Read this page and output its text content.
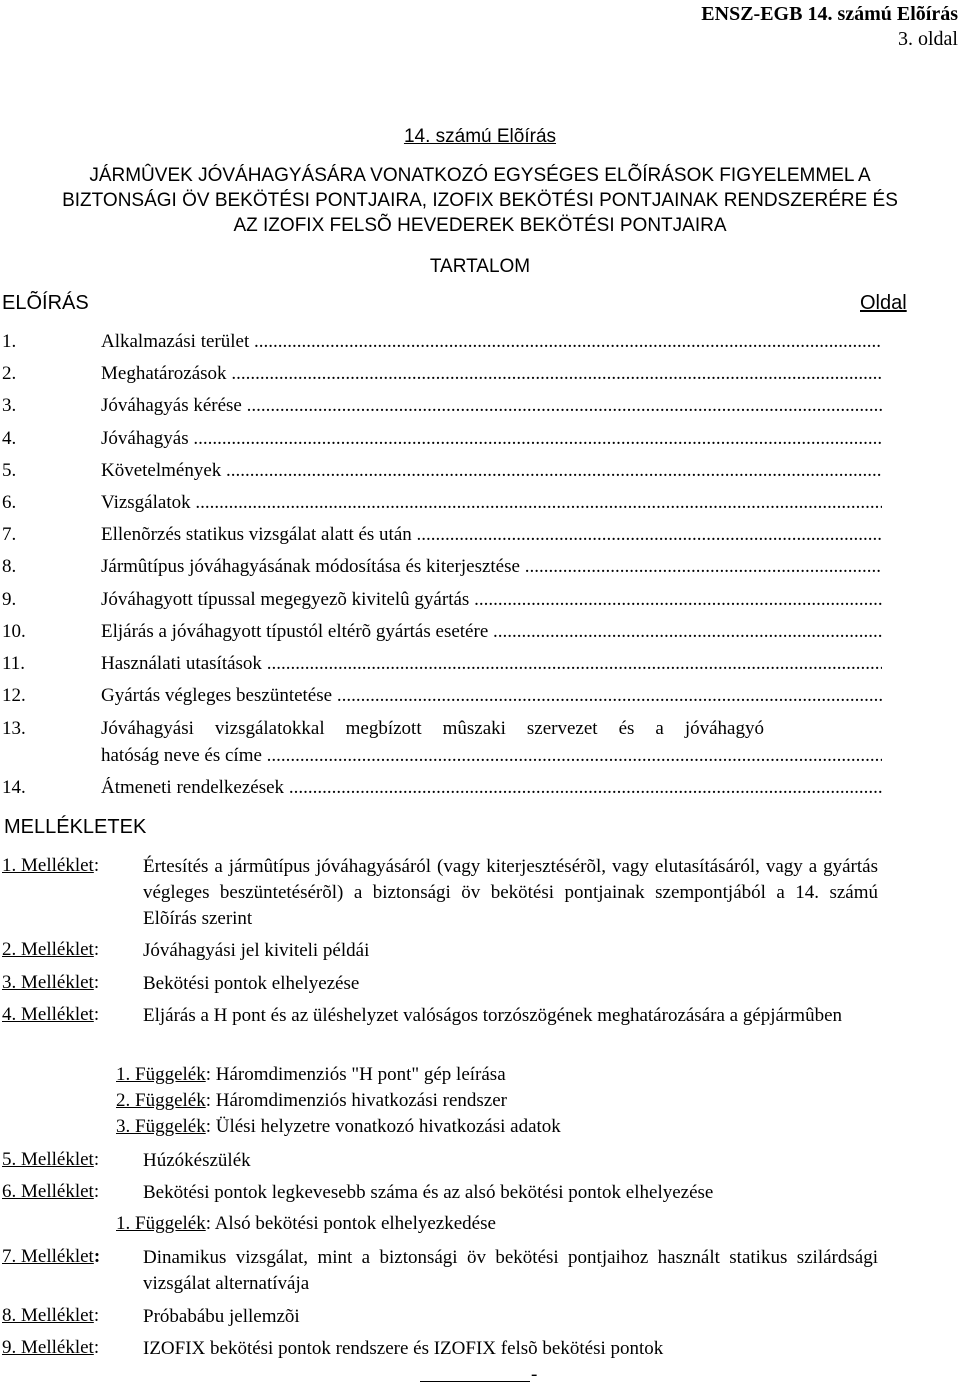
ENSZ-EGB 14. számú Elõírás
3. oldal
14. számú Elõírás
JÁRMÛVEK JÓVÁHAGYÁSÁRA VONATKOZÓ EGYSÉGES ELÕÍRÁSOK FIGYELEMMEL A
BIZTONSÁGI ÖV BEKÖTÉSI PONTJAIRA, IZOFIX BEKÖTÉSI PONTJAINAK RENDSZERÉRE ÉS
AZ IZOFIX FELSÕ HEVEDEREK BEKÖTÉSI PONTJAIRA
TARTALOM
ELÕÍRÁS	Oldal
1.	Alkalmazási terület .....
2.	Meghatározások .....
3.	Jóváhagyás kérése .....
4.	Jóváhagyás .....
5.	Követelmények .....
6.	Vizsgálatok .....
7.	Ellenõrzés statikus vizsgálat alatt és után .....
8.	Jármûtípus jóváhagyásának módosítása és kiterjesztése .....
9.	Jóváhagyott típussal megegyezõ kivitelû gyártás .....
10.	Eljárás a jóváhagyott típustól eltérõ gyártás esetére .....
11.	Használati utasítások .....
12.	Gyártás végleges beszüntetése .....
13.	Jóváhagyási vizsgálatokkal megbízott mûszaki szervezet és a jóváhagyó
hatóság neve és címe .....
14.	Átmeneti rendelkezések .....
MELLÉKLETEK
1. Melléklet: Értesítés a jármûtípus jóváhagyásáról (vagy kiterjesztésérõl, vagy elutasításáról, vagy a gyártás végleges beszüntetésérõl) a biztonsági öv bekötési pontjainak szempontjából a 14. számú Elõírás szerint
2. Melléklet: Jóváhagyási jel kiviteli példái
3. Melléklet: Bekötési pontok elhelyezése
4. Melléklet: Eljárás a H pont és az üléshelyzet valóságos torzószögének meghatározására a gépjármûben
1. Függelék: Háromdimenziós "H pont" gép leírása
2. Függelék: Háromdimenziós hivatkozási rendszer
3. Függelék: Ülési helyzetre vonatkozó hivatkozási adatok
5. Melléklet: Húzókészülék
6. Melléklet: Bekötési pontok legkevesebb száma és az alsó bekötési pontok elhelyezése
1. Függelék: Alsó bekötési pontok elhelyezkedése
7. Melléklet: Dinamikus vizsgálat, mint a biztonsági öv bekötési pontjaihoz használt statikus szilárdsági vizsgálat alternatívája
8. Melléklet: Próbabábu jellemzõi
9. Melléklet: IZOFIX bekötési pontok rendszere és IZOFIX felsõ bekötési pontok
-
